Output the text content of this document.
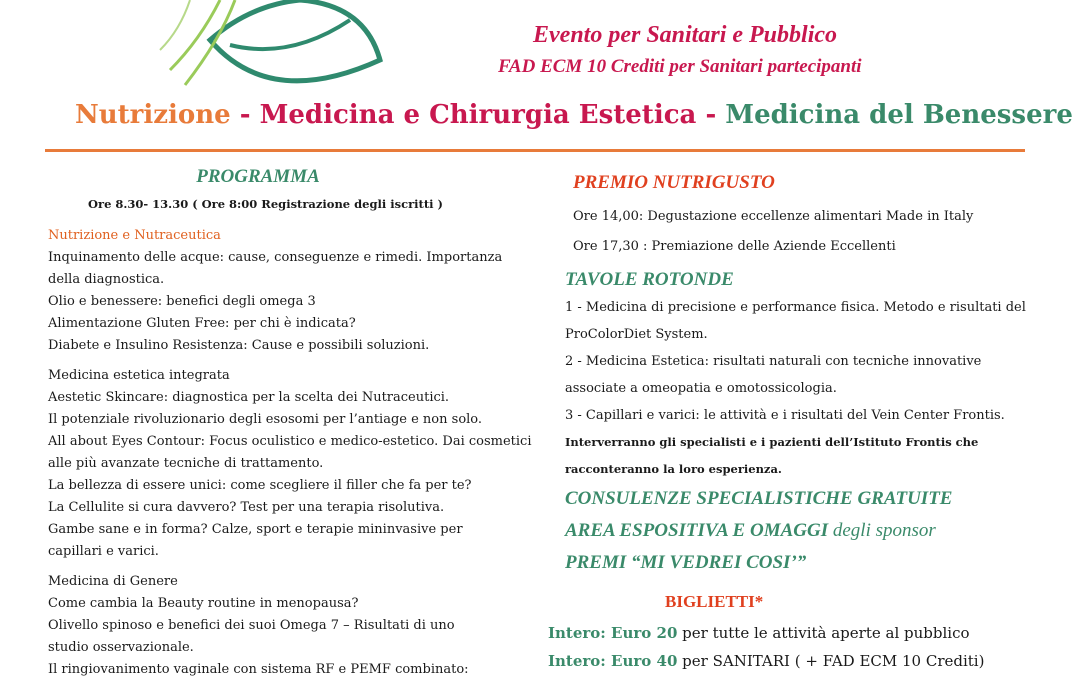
Evento per Sanitari e Pubblico
FAD ECM 10 Crediti per Sanitari partecipanti
Nutrizione - Medicina e Chirurgia Estetica - Medicina del Benessere
PROGRAMMA
Ore 8.30- 13.30 ( Ore 8:00 Registrazione degli iscritti )
Nutrizione e Nutraceutica
Inquinamento delle acque: cause, conseguenze e rimedi. Importanza
della diagnostica.
Olio e benessere: benefici degli omega 3
Alimentazione Gluten Free: per chi è indicata?
Diabete e Insulino Resistenza: Cause e possibili soluzioni.
Medicina estetica integrata
Aestetic Skincare: diagnostica per la scelta dei Nutraceutici.
Il potenziale rivoluzionario degli esosomi per l’antiage e non solo.
All about Eyes Contour: Focus oculistico e medico-estetico. Dai cosmetici
alle più avanzate tecniche di trattamento.
La bellezza di essere unici: come scegliere il filler che fa per te?
La Cellulite si cura davvero? Test per una terapia risolutiva.
Gambe sane e in forma? Calze, sport e terapie mininvasive per
capillari e varici.
Medicina di Genere
Come cambia la Beauty routine in menopausa?
Olivello spinoso e benefici dei suoi Omega 7 – Risultati di uno
studio osservazionale.
Il ringiovanimento vaginale con sistema RF e PEMF combinato:
PREMIO NUTRIGUSTO
Ore 14,00: Degustazione eccellenze alimentari Made in Italy
Ore 17,30 : Premiazione delle Aziende Eccellenti
TAVOLE ROTONDE
1 - Medicina di precisione e performance fisica. Metodo e risultati del
ProColorDiet System.
2 - Medicina Estetica: risultati naturali con tecniche innovative
associate a omeopatia e omotossicologia.
3 - Capillari e varici: le attività e i risultati del Vein Center Frontis.
Interverranno gli specialisti e i pazienti dell’Istituto Frontis che
racconteranno la loro esperienza.
CONSULENZE SPECIALISTICHE GRATUITE
AREA ESPOSITIVA E OMAGGI degli sponsor
PREMI “MI VEDREI COSI’”
BIGLIETTI*
Intero: Euro 20 per tutte le attività aperte al pubblico
Intero: Euro 40 per SANITARI ( + FAD ECM 10 Crediti)
